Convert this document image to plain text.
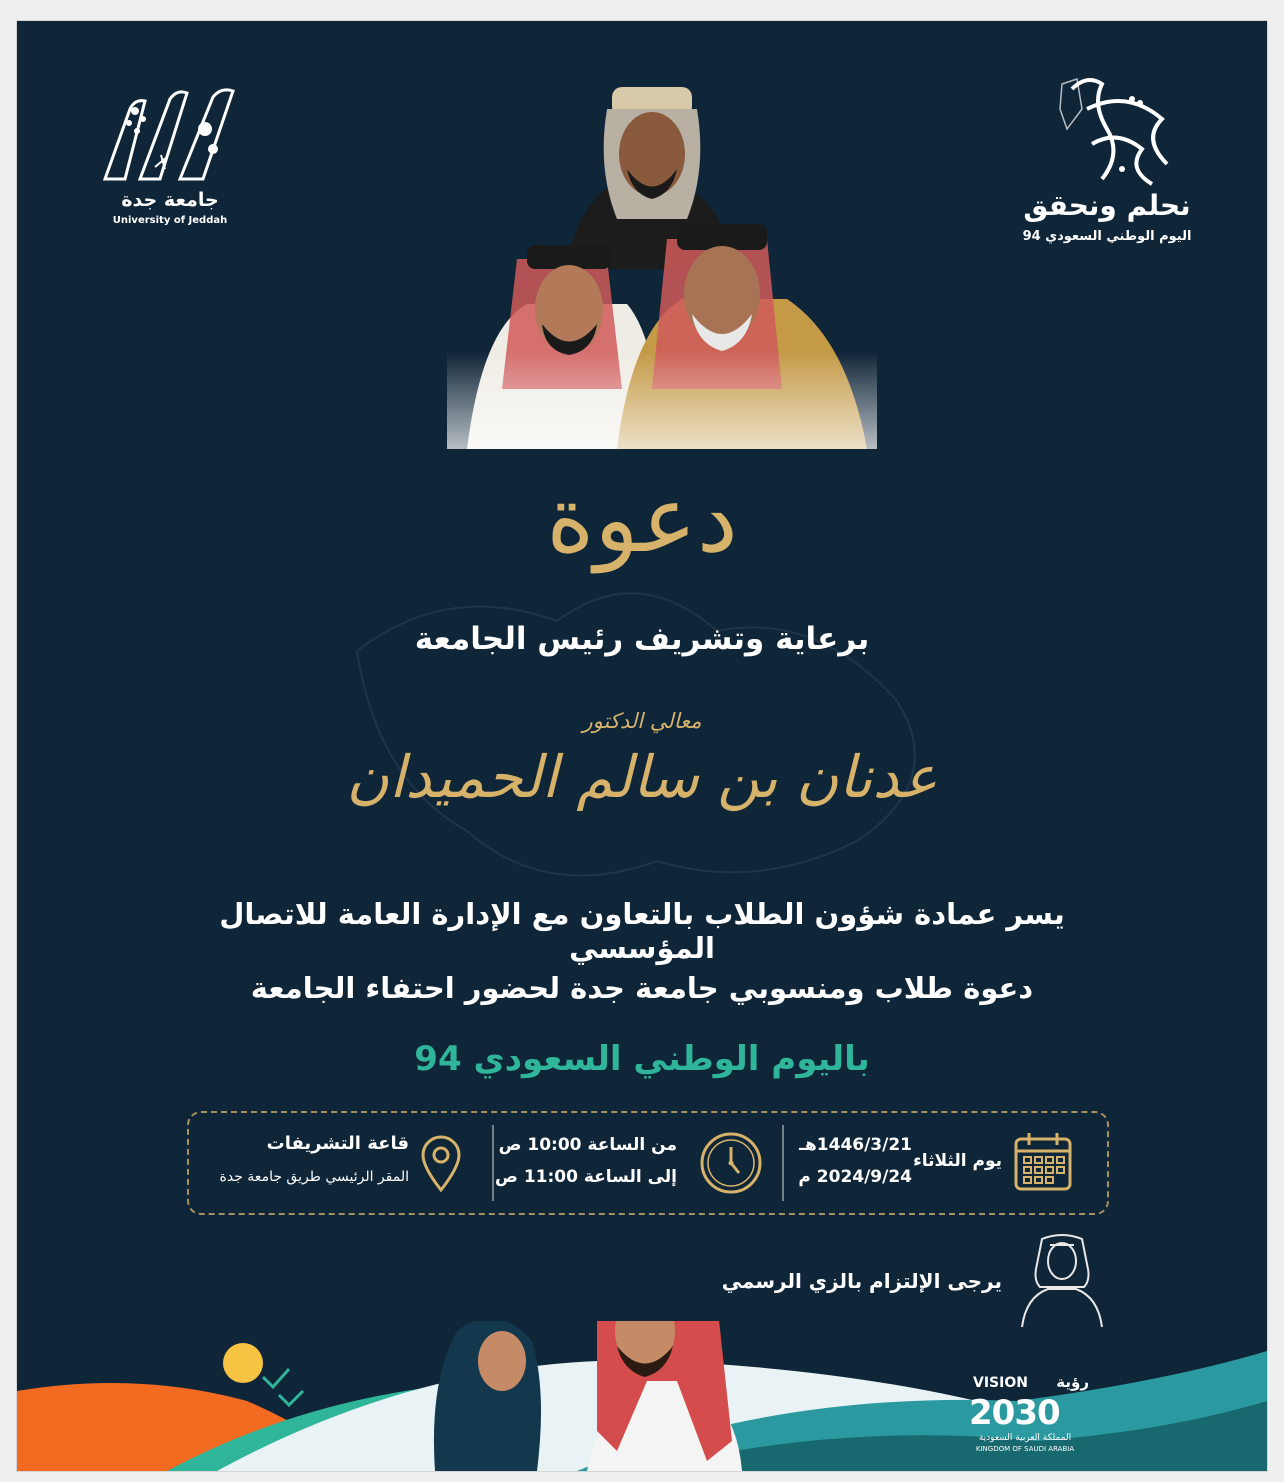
جامعة جدة
University of Jeddah	نحلم ونحقق
اليوم الوطني السعودي 94
دعوة
برعاية وتشريف رئيس الجامعة
معالي الدكتور
عدنان بن سالم الحميدان
يسر عمادة شؤون الطلاب بالتعاون مع الإدارة العامة للاتصال المؤسسي
دعوة طلاب ومنسوبي جامعة جدة لحضور احتفاء الجامعة
باليوم الوطني السعودي 94
يوم الثلاثاء
1446/3/21هـ
2024/9/24 م
من الساعة 10:00 ص
إلى الساعة 11:00 ص
قاعة التشريفات
المقر الرئيسي طريق جامعة جدة
يرجى الإلتزام بالزي الرسمي
VISION رؤية
2030
المملكة العربية السعودية
KINGDOM OF SAUDI ARABIA
